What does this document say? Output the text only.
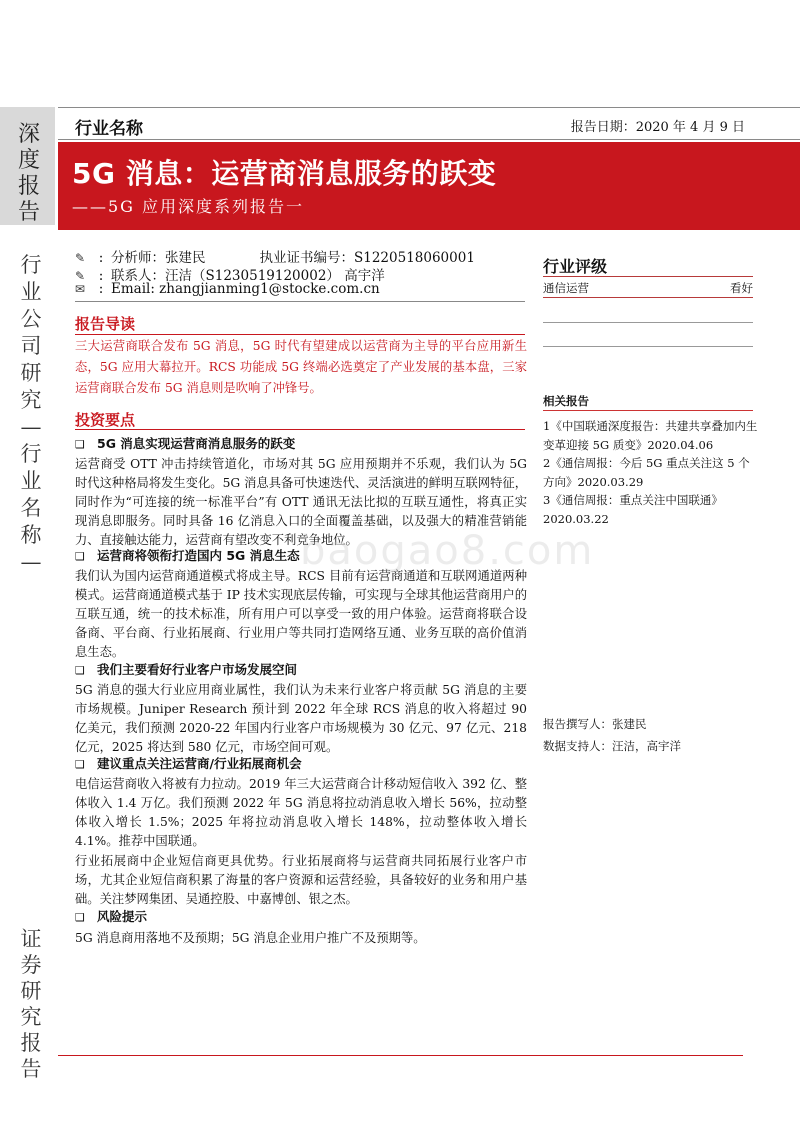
深度报告
行业公司研究—行业名称—
证券研究报告
行业名称	报告日期：2020 年 4 月 9 日
5G 消息：运营商消息服务的跃变
——5G 应用深度系列报告一
✎ : 分析师：张建民　　　　执业证书编号：S1220518060001
✎ : 联系人：汪洁（S1230519120002） 高宇洋
✉ : Email: zhangjianming1@stocke.com.cn
行业评级
通信运营	看好
相关报告

1《中国联通深度报告：共建共享叠加内生变革迎接 5G 质变》2020.04.06

2《通信周报：今后 5G 重点关注这 5 个方向》2020.03.29

3《通信周报：重点关注中国联通》2020.03.22

报告撰写人：张建民
数据支持人：汪洁，高宇洋
报告导读
三大运营商联合发布 5G 消息，5G 时代有望建成以运营商为主导的平台应用新生态，5G 应用大幕拉开。RCS 功能成 5G 终端必选奠定了产业发展的基本盘，三家运营商联合发布 5G 消息则是吹响了冲锋号。
投资要点
❑ 5G 消息实现运营商消息服务的跃变
运营商受 OTT 冲击持续管道化，市场对其 5G 应用预期并不乐观，我们认为 5G 时代这种格局将发生变化。5G 消息具备可快速迭代、灵活演进的鲜明互联网特征，同时作为“可连接的统一标准平台”有 OTT 通讯无法比拟的互联互通性，将真正实现消息即服务。同时具备 16 亿消息入口的全面覆盖基础，以及强大的精准营销能力、直接触达能力，运营商有望改变不利竞争地位。
❑ 运营商将领衔打造国内 5G 消息生态
我们认为国内运营商通道模式将成主导。RCS 目前有运营商通道和互联网通道两种模式。运营商通道模式基于 IP 技术实现底层传输，可实现与全球其他运营商用户的互联互通，统一的技术标准，所有用户可以享受一致的用户体验。运营商将联合设备商、平台商、行业拓展商、行业用户等共同打造网络互通、业务互联的高价值消息生态。
❑ 我们主要看好行业客户市场发展空间
5G 消息的强大行业应用商业属性，我们认为未来行业客户将贡献 5G 消息的主要市场规模。Juniper Research 预计到 2022 年全球 RCS 消息的收入将超过 90 亿美元，我们预测 2020-22 年国内行业客户市场规模为 30 亿元、97 亿元、218 亿元，2025 将达到 580 亿元，市场空间可观。
❑ 建议重点关注运营商/行业拓展商机会
电信运营商收入将被有力拉动。2019 年三大运营商合计移动短信收入 392 亿、整体收入 1.4 万亿。我们预测 2022 年 5G 消息将拉动消息收入增长 56%，拉动整体收入增长 1.5%；2025 年将拉动消息收入增长 148%，拉动整体收入增长 4.1%。推荐中国联通。
行业拓展商中企业短信商更具优势。行业拓展商将与运营商共同拓展行业客户市场，尤其企业短信商积累了海量的客户资源和运营经验，具备较好的业务和用户基础。关注梦网集团、吴通控股、中嘉博创、银之杰。
❑ 风险提示
5G 消息商用落地不及预期；5G 消息企业用户推广不及预期等。
baogao8.com
